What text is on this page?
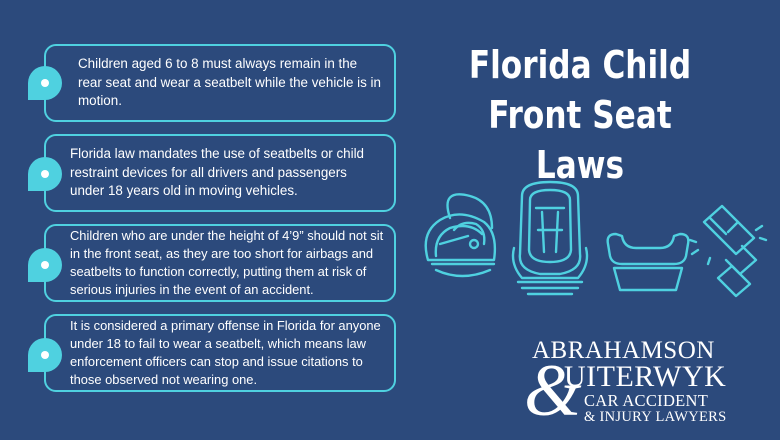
Children aged 6 to 8 must always remain in the rear seat and wear a seatbelt while the vehicle is in motion.
Florida law mandates the use of seatbelts or child restraint devices for all drivers and passengers under 18 years old in moving vehicles.
Children who are under the height of 4’9” should not sit in the front seat, as they are too short for airbags and seatbelts to function correctly, putting them at risk of serious injuries in the event of an accident.
It is considered a primary offense in Florida for anyone under 18 to fail to wear a seatbelt, which means law enforcement officers can stop and issue citations to those observed not wearing one.
Florida Child
Front Seat Laws
&
ABRAHAMSON
UITERWYK
CAR ACCIDENT
& INJURY LAWYERS
